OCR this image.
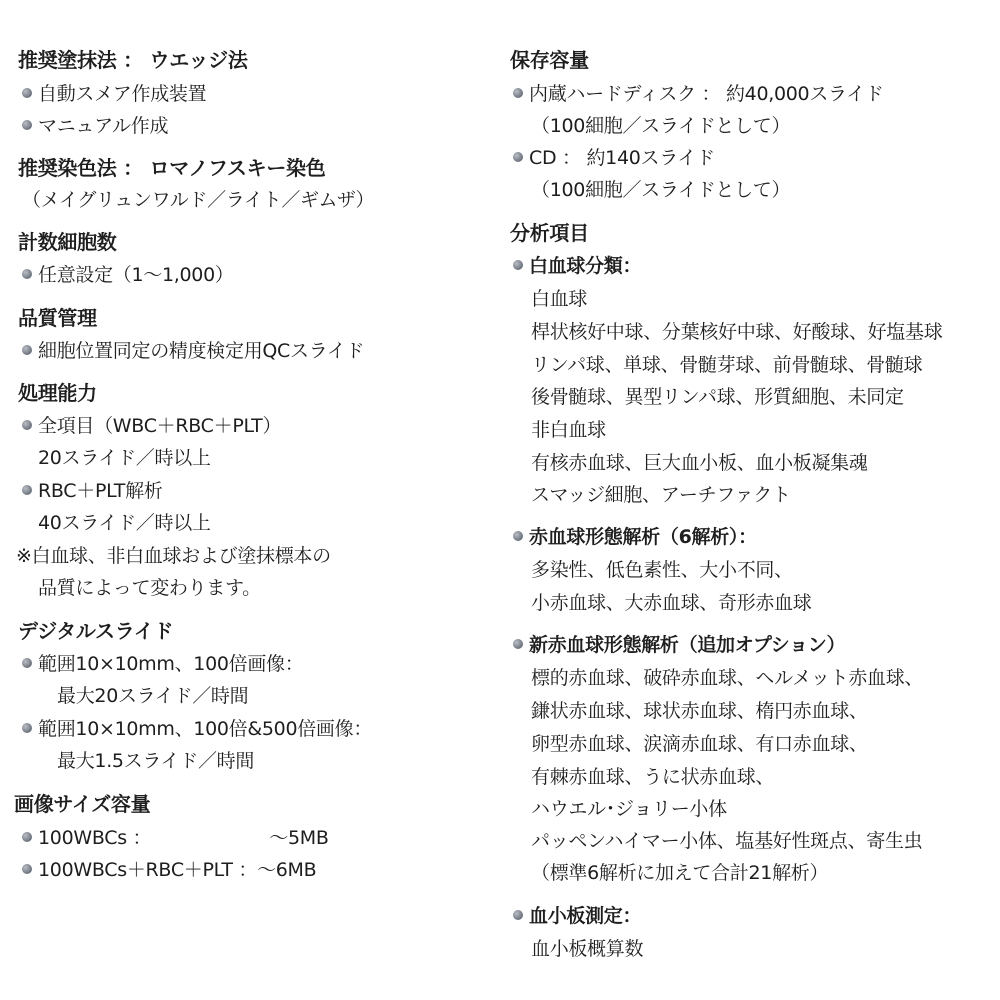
推奨塗抹法 ： ウエッジ法
自動スメア作成装置
マニュアル作成
推奨染色法 ： ロマノフスキー染色
（メイグリュンワルド／ライト／ギムザ）
計数細胞数
任意設定（1～1,000）
品質管理
細胞位置同定の精度検定用QCスライド
処理能力
全項目（WBC＋RBC＋PLT）
20スライド／時以上
RBC＋PLT解析
40スライド／時以上
※白血球、非白血球および塗抹標本の
品質によって変わります。
デジタルスライド
範囲10×10mm、100倍画像：
最大20スライド／時間
範囲10×10mm、100倍&500倍画像：
最大1.5スライド／時間
画像サイズ容量
100WBCs ：	～5MB
100WBCs＋RBC＋PLT ：～6MB
保存容量
内蔵ハードディスク ： 約40,000スライド
（100細胞／スライドとして）
CD ： 約140スライド
（100細胞／スライドとして）
分析項目
白血球分類：
白血球
桿状核好中球、分葉核好中球、好酸球、好塩基球
リンパ球、単球、骨髄芽球、前骨髄球、骨髄球
後骨髄球、異型リンパ球、形質細胞、未同定
非白血球
有核赤血球、巨大血小板、血小板凝集魂
スマッジ細胞、アーチファクト
赤血球形態解析（6解析）：
多染性、低色素性、大小不同、
小赤血球、大赤血球、奇形赤血球
新赤血球形態解析（追加オプション）
標的赤血球、破砕赤血球、ヘルメット赤血球、
鎌状赤血球、球状赤血球、楕円赤血球、
卵型赤血球、涙滴赤血球、有口赤血球、
有棘赤血球、うに状赤血球、
ハウエル･ジョリー小体
パッペンハイマー小体、塩基好性斑点、寄生虫
（標準6解析に加えて合計21解析）
血小板測定：
血小板概算数
